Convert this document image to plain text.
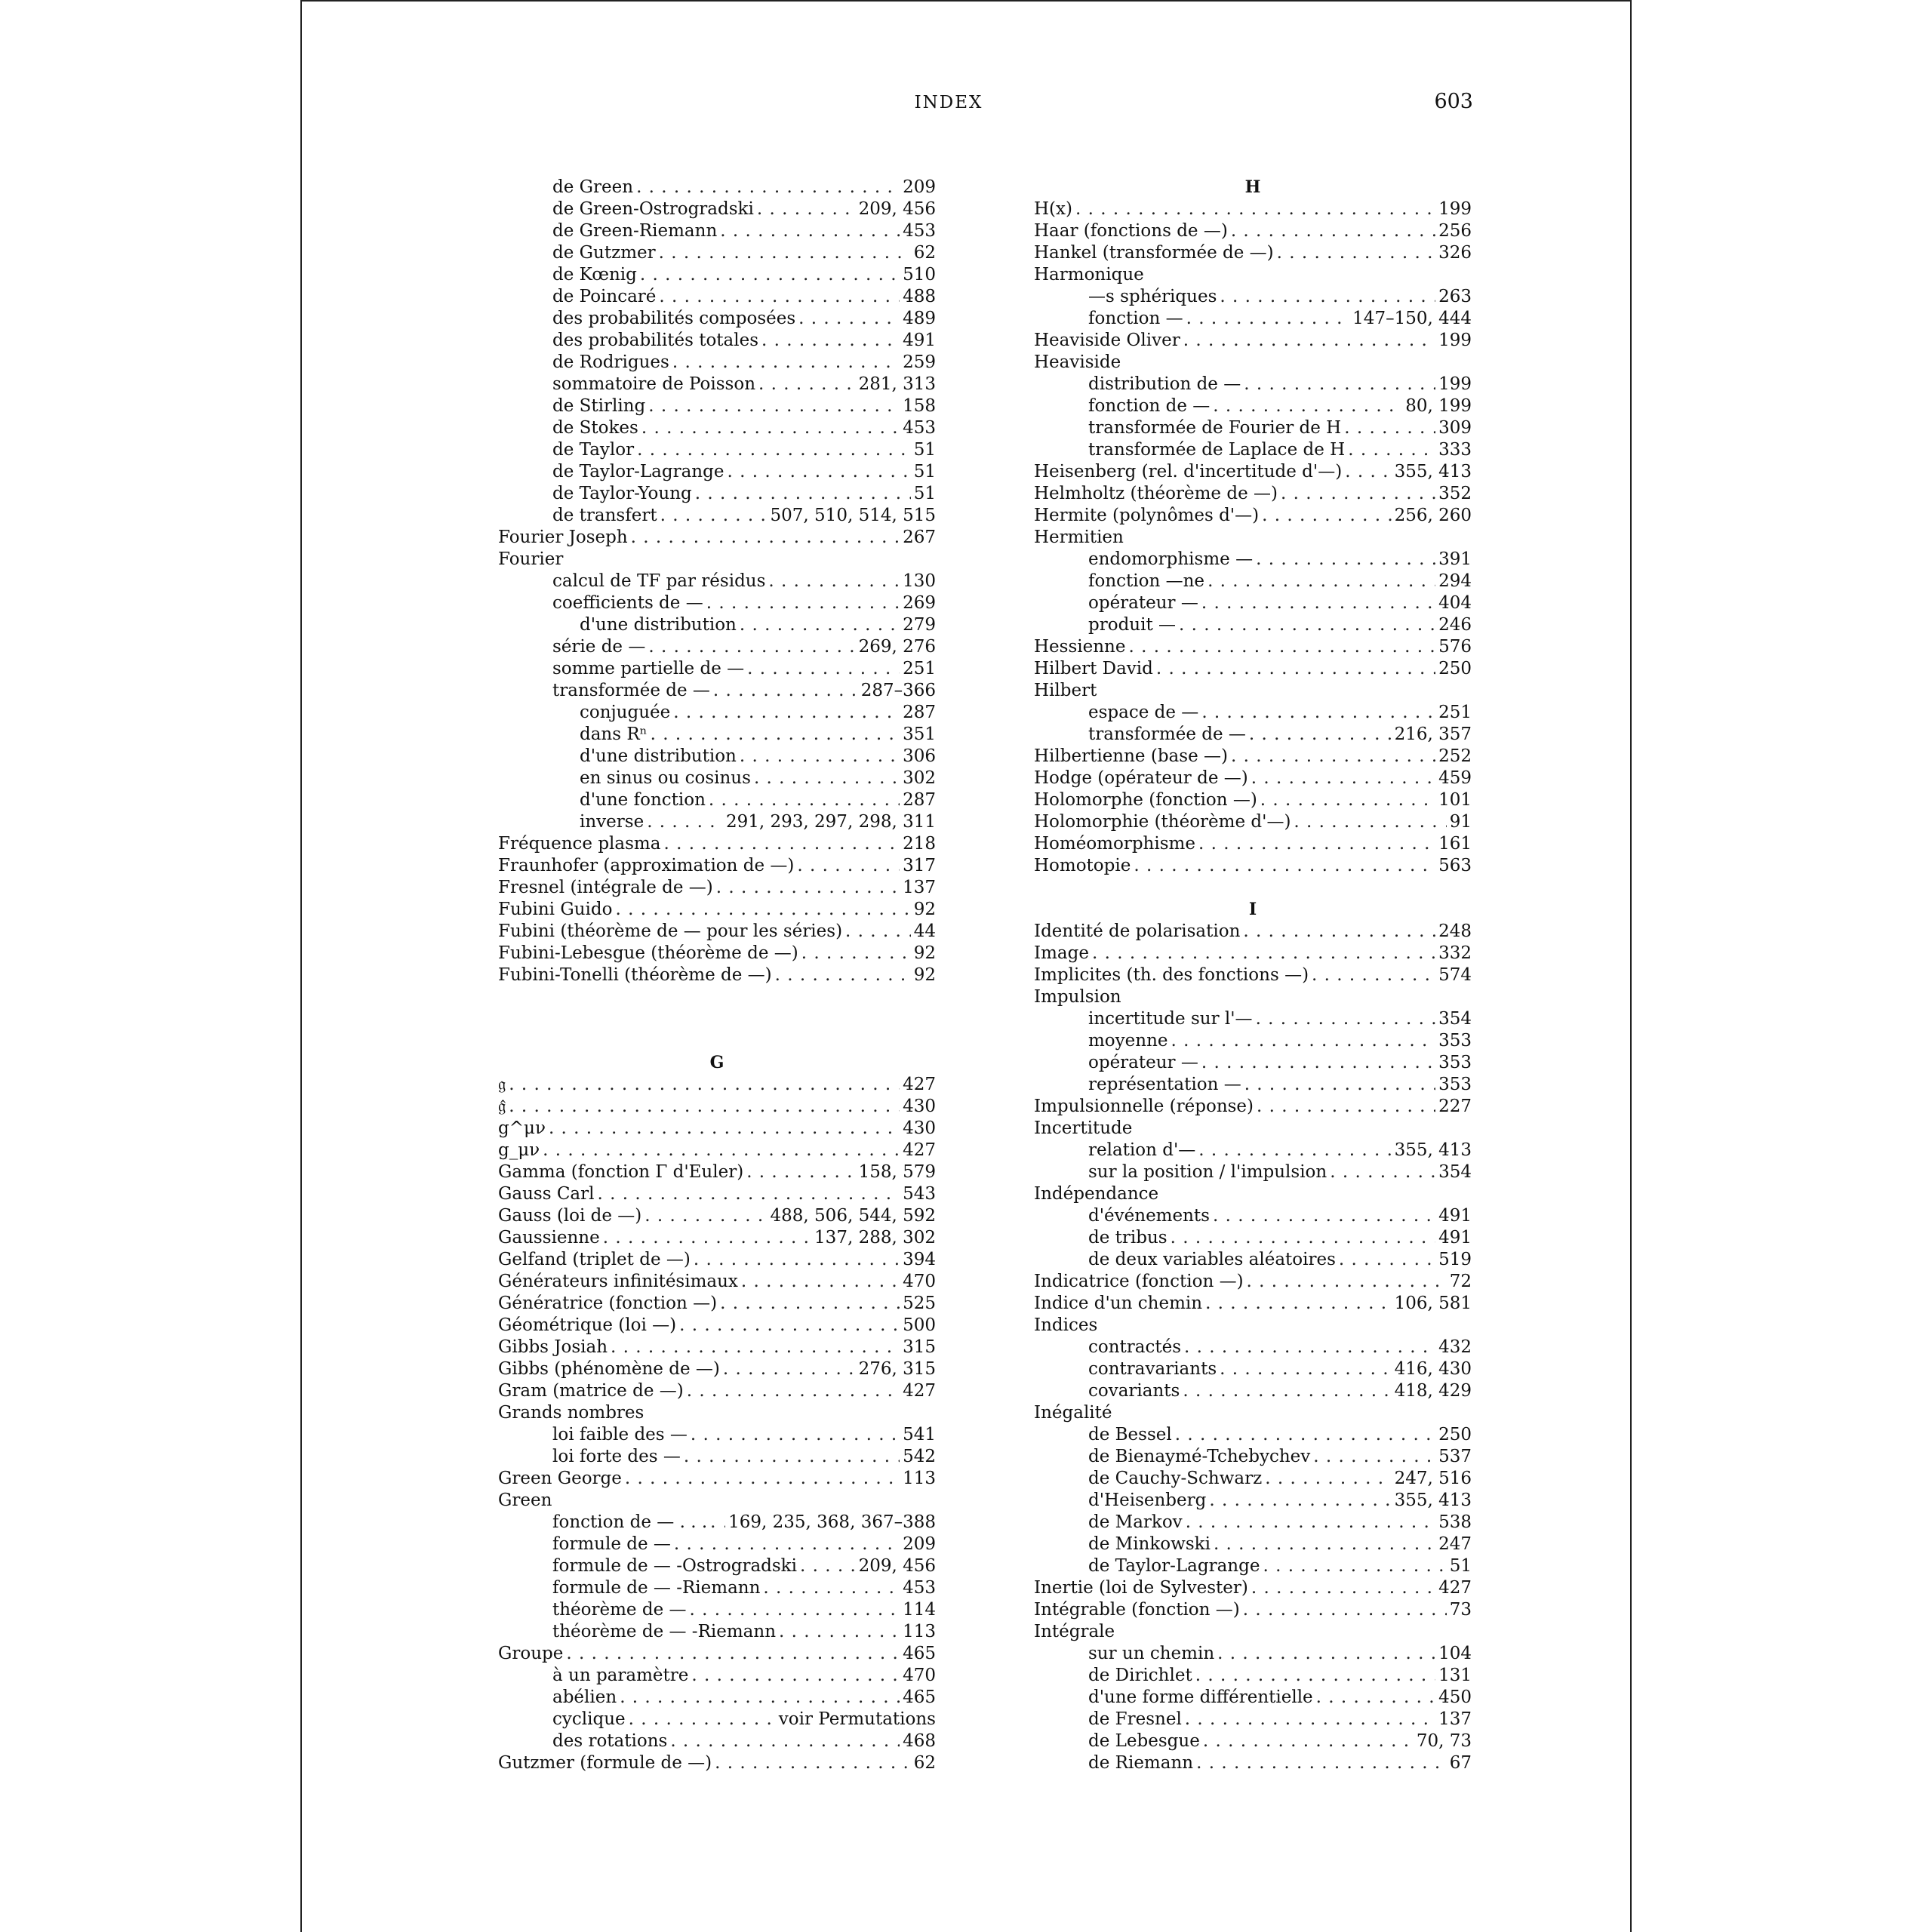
INDEX	603
de Green . . .	209
de Green-Ostrogradski . . .	209, 456
de Green-Riemann . . .	453
de Gutzmer . . .	62
de Kœnig . . .	510
de Poincaré . . .	488
des probabilités composées . . .	489
des probabilités totales . . .	491
de Rodrigues . . .	259
sommatoire de Poisson . . .	281, 313
de Stirling . . .	158
de Stokes . . .	453
de Taylor . . .	51
de Taylor-Lagrange . . .	51
de Taylor-Young . . .	51
de transfert . . .	507, 510, 514, 515
Fourier Joseph . . .	267
Fourier
calcul de TF par résidus . . .	130
coefficients de — . . .	269
d'une distribution . . .	279
série de — . . .	269, 276
somme partielle de — . . .	251
transformée de — . . .	287–366
conjuguée . . .	287
dans Rⁿ . . .	351
d'une distribution . . .	306
en sinus ou cosinus . . .	302
d'une fonction . . .	287
inverse . . .	291, 293, 297, 298, 311
Fréquence plasma . . .	218
Fraunhofer (approximation de —) . . .	317
Fresnel (intégrale de —) . . .	137
Fubini Guido . . .	92
Fubini (théorème de — pour les séries) . . .	44
Fubini-Lebesgue (théorème de —) . . .	92
Fubini-Tonelli (théorème de —) . . .	92
G
𝔤 . . .	427
𝔤̂ . . .	430
g^μν . . .	430
g_μν . . .	427
Gamma (fonction Γ d'Euler) . . .	158, 579
Gauss Carl . . .	543
Gauss (loi de —) . . .	488, 506, 544, 592
Gaussienne . . .	137, 288, 302
Gelfand (triplet de —) . . .	394
Générateurs infinitésimaux . . .	470
Génératrice (fonction —) . . .	525
Géométrique (loi —) . . .	500
Gibbs Josiah . . .	315
Gibbs (phénomène de —) . . .	276, 315
Gram (matrice de —) . . .	427
Grands nombres
loi faible des — . . .	541
loi forte des — . . .	542
Green George . . .	113
Green
fonction de — . . . . . . 169, 235, 368, 367–388
formule de — . . .	209
formule de — -Ostrogradski . . .	209, 456
formule de — -Riemann . . .	453
théorème de — . . .	114
théorème de — -Riemann . . .	113
Groupe . . .	465
à un paramètre . . .	470
abélien . . .	465
cyclique . . .	voir Permutations
des rotations . . .	468
Gutzmer (formule de —) . . .	62
H
H(x) . . .	199
Haar (fonctions de —) . . .	256
Hankel (transformée de —) . . .	326
Harmonique
—s sphériques . . .	263
fonction — . . .	147–150, 444
Heaviside Oliver . . .	199
Heaviside
distribution de — . . .	199
fonction de — . . .	80, 199
transformée de Fourier de H . . .	309
transformée de Laplace de H . . .	333
Heisenberg (rel. d'incertitude d'—) . . .	355, 413
Helmholtz (théorème de —) . . .	352
Hermite (polynômes d'—) . . .	256, 260
Hermitien
endomorphisme — . . .	391
fonction —ne . . .	294
opérateur — . . .	404
produit — . . .	246
Hessienne . . .	576
Hilbert David . . .	250
Hilbert
espace de — . . .	251
transformée de — . . .	216, 357
Hilbertienne (base —) . . .	252
Hodge (opérateur de —) . . .	459
Holomorphe (fonction —) . . .	101
Holomorphie (théorème d'—) . . .	91
Homéomorphisme . . .	161
Homotopie . . .	563
I
Identité de polarisation . . .	248
Image . . .	332
Implicites (th. des fonctions —) . . .	574
Impulsion
incertitude sur l'— . . .	354
moyenne . . .	353
opérateur — . . .	353
représentation — . . .	353
Impulsionnelle (réponse) . . .	227
Incertitude
relation d'— . . .	355, 413
sur la position / l'impulsion . . .	354
Indépendance
d'événements . . .	491
de tribus . . .	491
de deux variables aléatoires . . .	519
Indicatrice (fonction —) . . .	72
Indice d'un chemin . . .	106, 581
Indices
contractés . . .	432
contravariants . . .	416, 430
covariants . . .	418, 429
Inégalité
de Bessel . . .	250
de Bienaymé-Tchebychev . . .	537
de Cauchy-Schwarz . . .	247, 516
d'Heisenberg . . .	355, 413
de Markov . . .	538
de Minkowski . . .	247
de Taylor-Lagrange . . .	51
Inertie (loi de Sylvester) . . .	427
Intégrable (fonction —) . . .	73
Intégrale
sur un chemin . . .	104
de Dirichlet . . .	131
d'une forme différentielle . . .	450
de Fresnel . . .	137
de Lebesgue . . .	70, 73
de Riemann . . .	67
